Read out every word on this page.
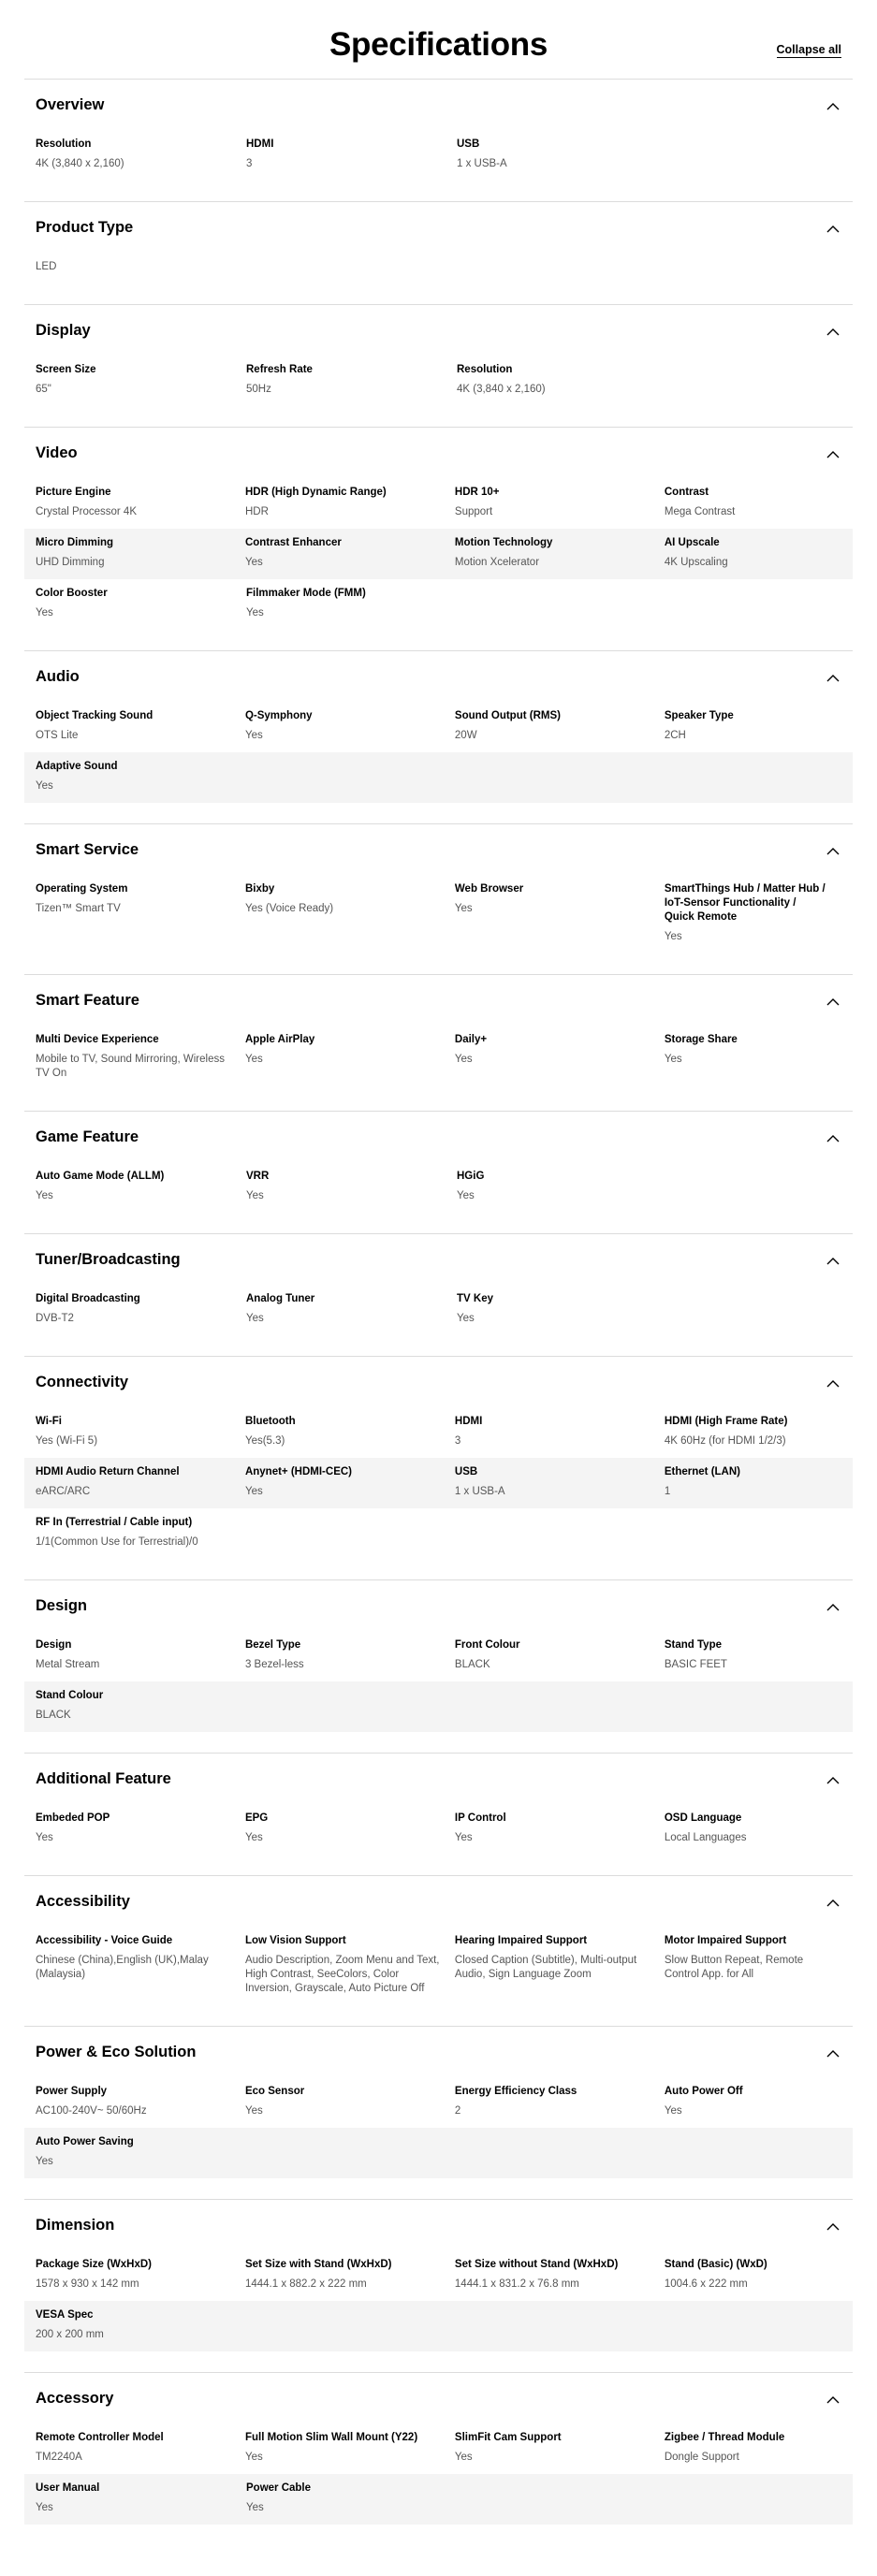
Specifications	Collapse all
Overview
Resolution
4K (3,840 x 2,160)
HDMI
3
USB
1 x USB-A
Product Type
LED
Display
Screen Size
65"
Refresh Rate
50Hz
Resolution
4K (3,840 x 2,160)
Video
Picture Engine
Crystal Processor 4K
HDR (High Dynamic Range)
HDR
HDR 10+
Support
Contrast
Mega Contrast
Micro Dimming
UHD Dimming
Contrast Enhancer
Yes
Motion Technology
Motion Xcelerator
AI Upscale
4K Upscaling
Color Booster
Yes
Filmmaker Mode (FMM)
Yes
Audio
Object Tracking Sound
OTS Lite
Q-Symphony
Yes
Sound Output (RMS)
20W
Speaker Type
2CH
Adaptive Sound
Yes
Smart Service
Operating System
Tizen™ Smart TV
Bixby
Yes (Voice Ready)
Web Browser
Yes
SmartThings Hub / Matter Hub / IoT-Sensor Functionality / Quick Remote
Yes
Smart Feature
Multi Device Experience
Mobile to TV, Sound Mirroring, Wireless TV On
Apple AirPlay
Yes
Daily+
Yes
Storage Share
Yes
Game Feature
Auto Game Mode (ALLM)
Yes
VRR
Yes
HGiG
Yes
Tuner/Broadcasting
Digital Broadcasting
DVB-T2
Analog Tuner
Yes
TV Key
Yes
Connectivity
Wi-Fi
Yes (Wi-Fi 5)
Bluetooth
Yes(5.3)
HDMI
3
HDMI (High Frame Rate)
4K 60Hz (for HDMI 1/2/3)
HDMI Audio Return Channel
eARC/ARC
Anynet+ (HDMI-CEC)
Yes
USB
1 x USB-A
Ethernet (LAN)
1
RF In (Terrestrial / Cable input)
1/1(Common Use for Terrestrial)/0
Design
Design
Metal Stream
Bezel Type
3 Bezel-less
Front Colour
BLACK
Stand Type
BASIC FEET
Stand Colour
BLACK
Additional Feature
Embeded POP
Yes
EPG
Yes
IP Control
Yes
OSD Language
Local Languages
Accessibility
Accessibility - Voice Guide
Chinese (China),English (UK),Malay (Malaysia)
Low Vision Support
Audio Description, Zoom Menu and Text, High Contrast, SeeColors, Color Inversion, Grayscale, Auto Picture Off
Hearing Impaired Support
Closed Caption (Subtitle), Multi-output Audio, Sign Language Zoom
Motor Impaired Support
Slow Button Repeat, Remote Control App. for All
Power & Eco Solution
Power Supply
AC100-240V~ 50/60Hz
Eco Sensor
Yes
Energy Efficiency Class
2
Auto Power Off
Yes
Auto Power Saving
Yes
Dimension
Package Size (WxHxD)
1578 x 930 x 142 mm
Set Size with Stand (WxHxD)
1444.1 x 882.2 x 222 mm
Set Size without Stand (WxHxD)
1444.1 x 831.2 x 76.8 mm
Stand (Basic) (WxD)
1004.6 x 222 mm
VESA Spec
200 x 200 mm
Accessory
Remote Controller Model
TM2240A
Full Motion Slim Wall Mount (Y22)
Yes
SlimFit Cam Support
Yes
Zigbee / Thread Module
Dongle Support
User Manual
Yes
Power Cable
Yes
